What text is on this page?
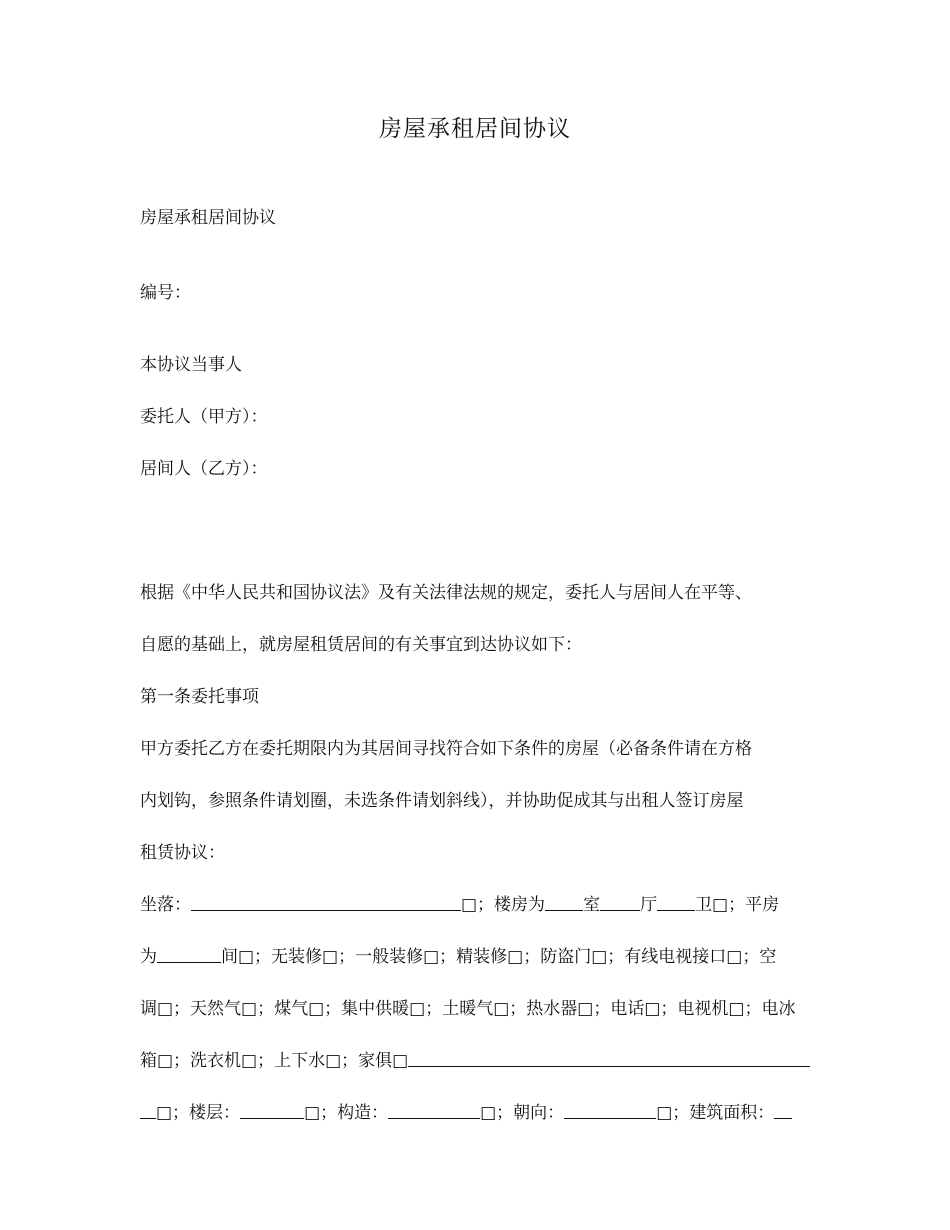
房屋承租居间协议
房屋承租居间协议
编号：
本协议当事人
委托人（甲方）：
居间人（乙方）：
根据《中华人民共和国协议法》及有关法律法规的规定，委托人与居间人在平等、
自愿的基础上，就房屋租赁居间的有关事宜到达协议如下：
第一条委托事项
甲方委托乙方在委托期限内为其居间寻找符合如下条件的房屋（必备条件请在方格
内划钩，参照条件请划圈，未选条件请划斜线），并协助促成其与出租人签订房屋
租赁协议：
坐落：	□；楼房为 室 厅 卫□；平房
为	间□；无装修□；一般装修□；精装修□；防盗门□；有线电视接口□；空
调□；天然气□；煤气□；集中供暖□；土暖气□；热水器□；电话□；电视机□；电冰
箱□；洗衣机□；上下水□；家俱□
□；楼层：	□；构造：	□；朝向：	□；建筑面积：
